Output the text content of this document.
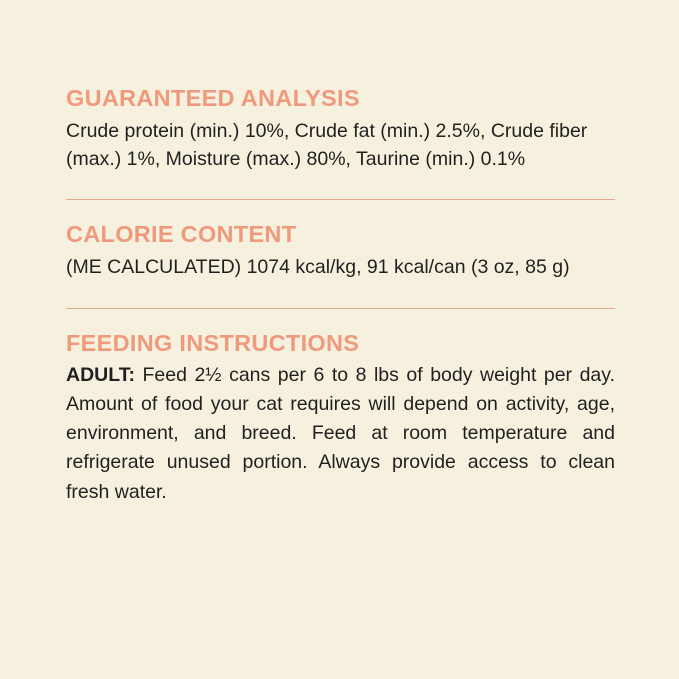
GUARANTEED ANALYSIS

Crude protein (min.) 10%, Crude fat (min.) 2.5%, Crude fiber (max.) 1%, Moisture (max.) 80%, Taurine (min.) 0.1%

CALORIE CONTENT

(ME CALCULATED) 1074 kcal/kg, 91 kcal/can (3 oz, 85 g)

FEEDING INSTRUCTIONS

ADULT: Feed 2½ cans per 6 to 8 lbs of body weight per day. Amount of food your cat requires will depend on activity, age, environment, and breed. Feed at room temperature and refrigerate unused portion. Always provide access to clean fresh water.
